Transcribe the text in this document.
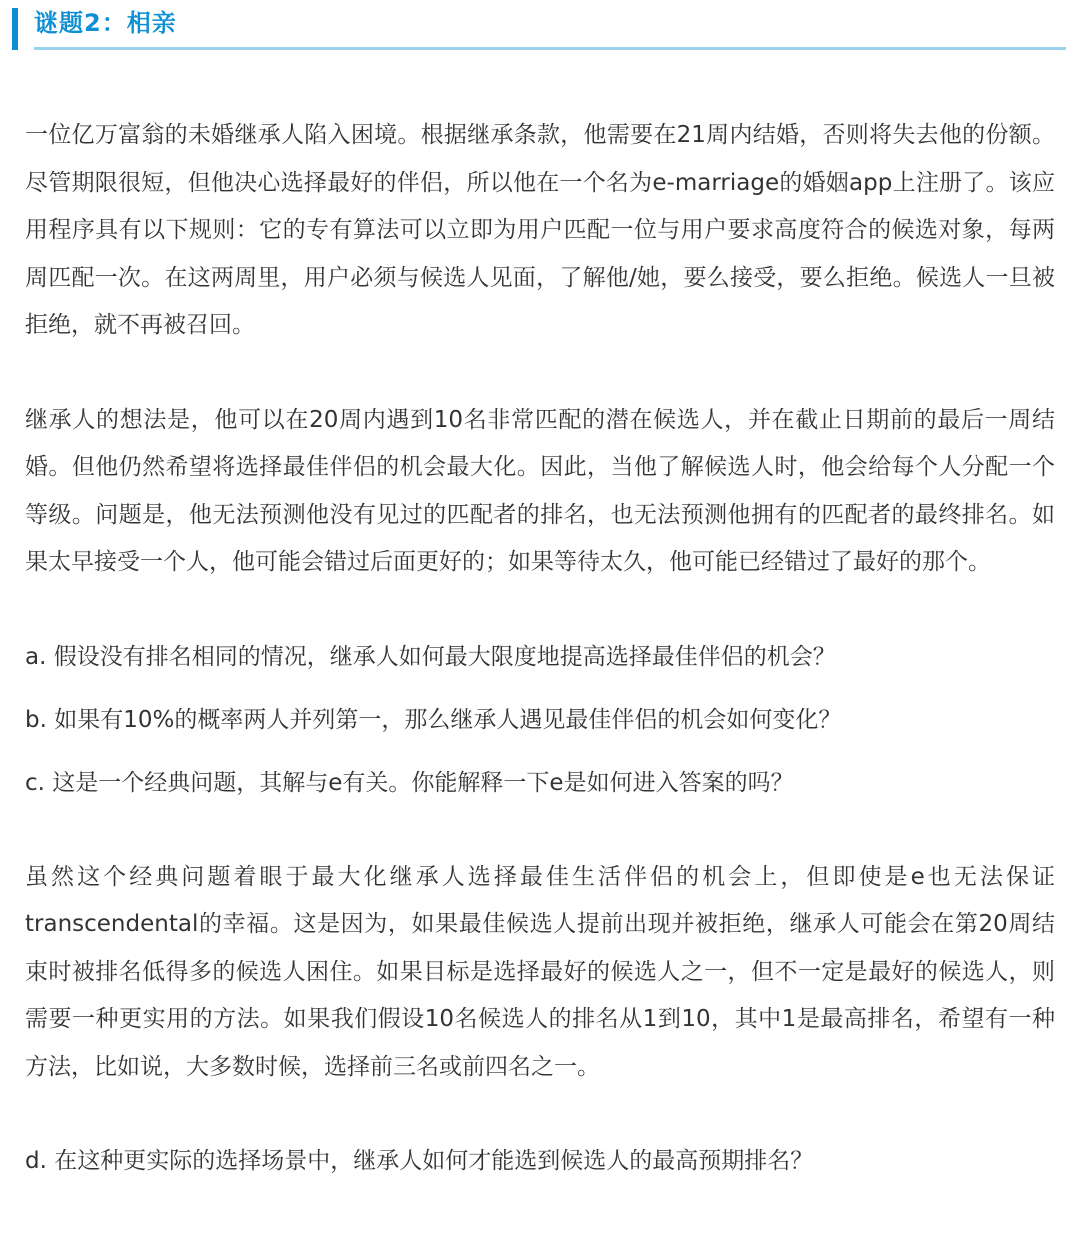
谜题2：相亲

一位亿万富翁的未婚继承人陷入困境。根据继承条款，他需要在21周内结婚，否则将失去他的份额。尽管期限很短，但他决心选择最好的伴侣，所以他在一个名为e-marriage的婚姻app上注册了。该应用程序具有以下规则：它的专有算法可以立即为用户匹配一位与用户要求高度符合的候选对象，每两周匹配一次。在这两周里，用户必须与候选人见面，了解他/她，要么接受，要么拒绝。候选人一旦被拒绝，就不再被召回。

继承人的想法是，他可以在20周内遇到10名非常匹配的潜在候选人，并在截止日期前的最后一周结婚。但他仍然希望将选择最佳伴侣的机会最大化。因此，当他了解候选人时，他会给每个人分配一个等级。问题是，他无法预测他没有见过的匹配者的排名，也无法预测他拥有的匹配者的最终排名。如果太早接受一个人，他可能会错过后面更好的；如果等待太久，他可能已经错过了最好的那个。

a. 假设没有排名相同的情况，继承人如何最大限度地提高选择最佳伴侣的机会？

b. 如果有10%的概率两人并列第一，那么继承人遇见最佳伴侣的机会如何变化？

c. 这是一个经典问题，其解与e有关。你能解释一下e是如何进入答案的吗？

虽然这个经典问题着眼于最大化继承人选择最佳生活伴侣的机会上，但即使是e也无法保证transcendental的幸福。这是因为，如果最佳候选人提前出现并被拒绝，继承人可能会在第20周结束时被排名低得多的候选人困住。如果目标是选择最好的候选人之一，但不一定是最好的候选人，则需要一种更实用的方法。如果我们假设10名候选人的排名从1到10，其中1是最高排名，希望有一种方法，比如说，大多数时候，选择前三名或前四名之一。

d. 在这种更实际的选择场景中，继承人如何才能选到候选人的最高预期排名？
